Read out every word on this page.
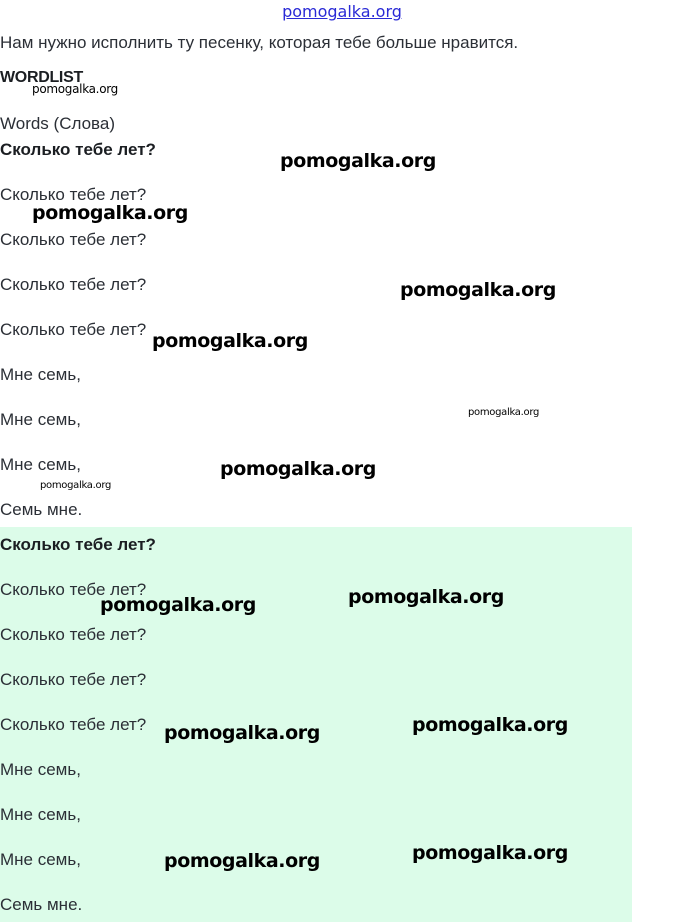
pomogalka.org
Нам нужно исполнить ту песенку, которая тебе больше нравится.
WORDLIST
Words (Слова)
Сколько тебе лет?
Сколько тебе лет?
Сколько тебе лет?
Сколько тебе лет?
Сколько тебе лет?
Мне семь,
Мне семь,
Мне семь,
Семь мне.
Сколько тебе лет?
Сколько тебе лет?
Сколько тебе лет?
Сколько тебе лет?
Сколько тебе лет?
Мне семь,
Мне семь,
Мне семь,
Семь мне.
pomogalka.org
pomogalka.org
pomogalka.org
pomogalka.org
pomogalka.org
pomogalka.org
pomogalka.org
pomogalka.org
pomogalka.org	pomogalka.org
pomogalka.org	pomogalka.org
pomogalka.org	pomogalka.org
